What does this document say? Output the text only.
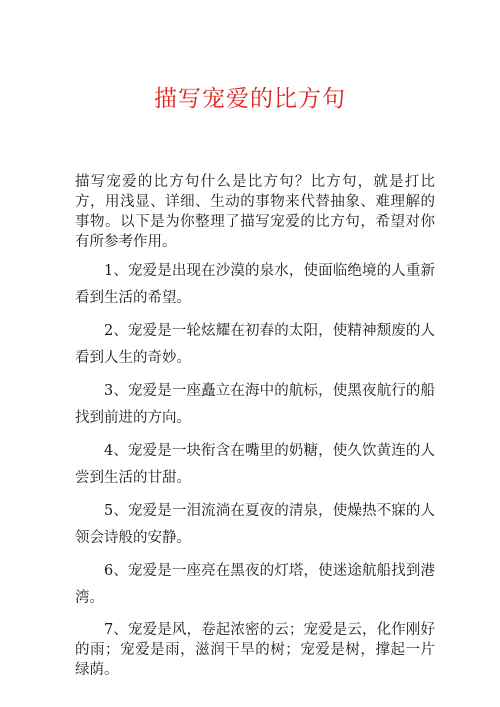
描写宠爱的比方句

描写宠爱的比方句什么是比方句？比方句，就是打比方，用浅显、详细、生动的事物来代替抽象、难理解的事物。以下是为你整理了描写宠爱的比方句，希望对你有所参考作用。

1、宠爱是出现在沙漠的泉水，使面临绝境的人重新看到生活的希望。

2、宠爱是一轮炫耀在初春的太阳，使精神颓废的人看到人生的奇妙。

3、宠爱是一座矗立在海中的航标，使黑夜航行的船找到前进的方向。

4、宠爱是一块衔含在嘴里的奶糖，使久饮黄连的人尝到生活的甘甜。

5、宠爱是一泪流淌在夏夜的清泉，使燥热不寐的人领会诗般的安静。

6、宠爱是一座亮在黑夜的灯塔，使迷途航船找到港湾。

7、宠爱是风，卷起浓密的云；宠爱是云，化作刚好的雨；宠爱是雨，滋润干旱的树；宠爱是树，撑起一片绿荫。
